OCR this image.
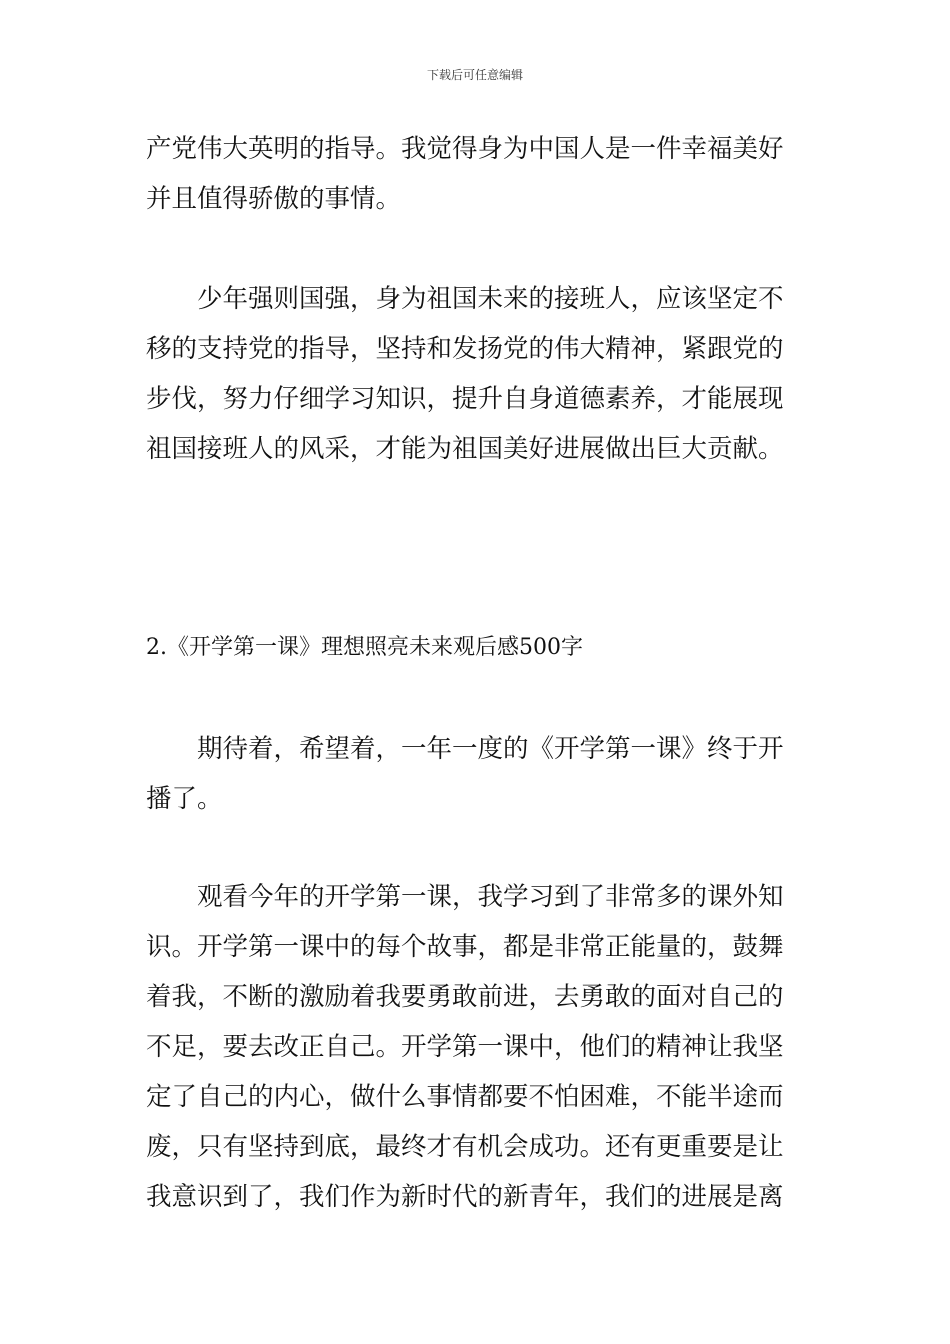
下载后可任意编辑
产党伟大英明的指导。我觉得身为中国人是一件幸福美好
并且值得骄傲的事情。
少年强则国强，身为祖国未来的接班人，应该坚定不
移的支持党的指导，坚持和发扬党的伟大精神，紧跟党的
步伐，努力仔细学习知识，提升自身道德素养，才能展现
祖国接班人的风采，才能为祖国美好进展做出巨大贡献。
2.《开学第一课》理想照亮未来观后感500字
期待着，希望着，一年一度的《开学第一课》终于开
播了。
观看今年的开学第一课，我学习到了非常多的课外知
识。开学第一课中的每个故事，都是非常正能量的，鼓舞
着我，不断的激励着我要勇敢前进，去勇敢的面对自己的
不足，要去改正自己。开学第一课中，他们的精神让我坚
定了自己的内心，做什么事情都要不怕困难，不能半途而
废，只有坚持到底，最终才有机会成功。还有更重要是让
我意识到了，我们作为新时代的新青年，我们的进展是离
